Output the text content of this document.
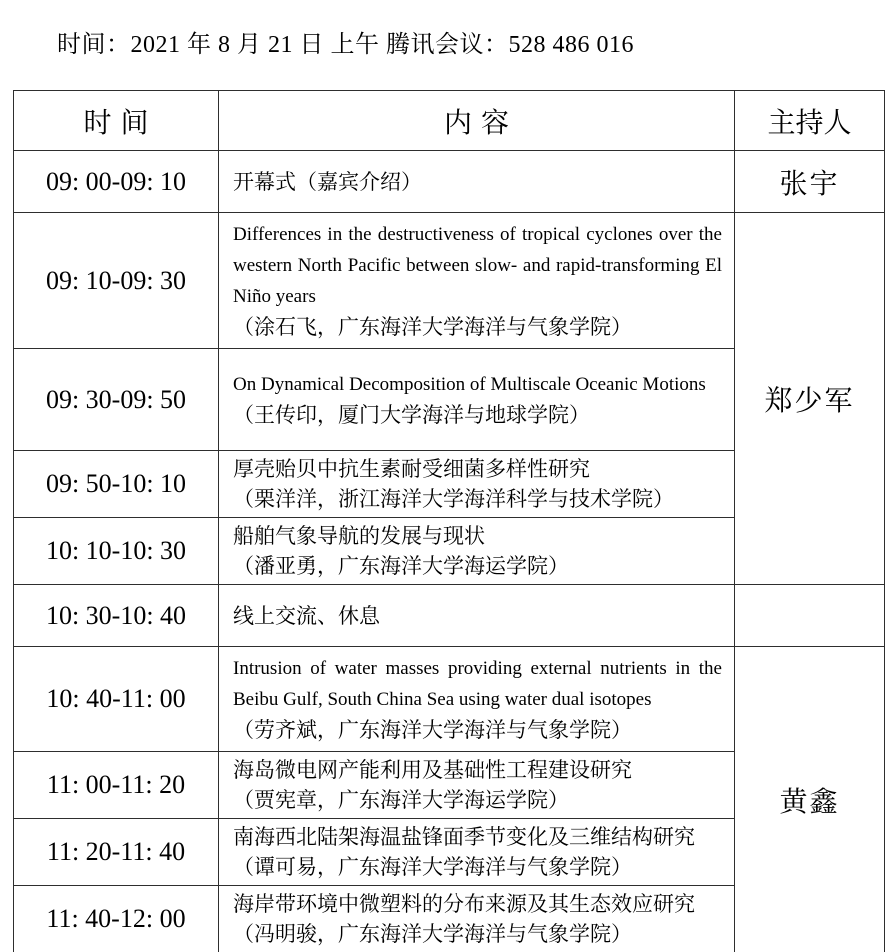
时间：2021 年 8 月 21 日 上午 腾讯会议：528 486 016
时间	内容	主持人
09: 00-09: 10	开幕式（嘉宾介绍）	张宇
09: 10-09: 30	Differences in the destructiveness of tropical cyclones over the western North Pacific between slow- and rapid-transforming El Niño years
（涂石飞，广东海洋大学海洋与气象学院）	郑少军
09: 30-09: 50	On Dynamical Decomposition of Multiscale Oceanic Motions
（王传印，厦门大学海洋与地球学院）	

09: 50-10: 10	厚壳贻贝中抗生素耐受细菌多样性研究
（栗洋洋，浙江海洋大学海洋科学与技术学院）	

10: 10-10: 30	船舶气象导航的发展与现状
（潘亚勇，广东海洋大学海运学院）	

10: 30-10: 40	线上交流、休息	

10: 40-11: 00	Intrusion of water masses providing external nutrients in the Beibu Gulf, South China Sea using water dual isotopes
（劳齐斌，广东海洋大学海洋与气象学院）	黄鑫
11: 00-11: 20	海岛微电网产能利用及基础性工程建设研究
（贾宪章，广东海洋大学海运学院）	

11: 20-11: 40	南海西北陆架海温盐锋面季节变化及三维结构研究
（谭可易，广东海洋大学海洋与气象学院）	

11: 40-12: 00	海岸带环境中微塑料的分布来源及其生态效应研究
（冯明骏，广东海洋大学海洋与气象学院）	
